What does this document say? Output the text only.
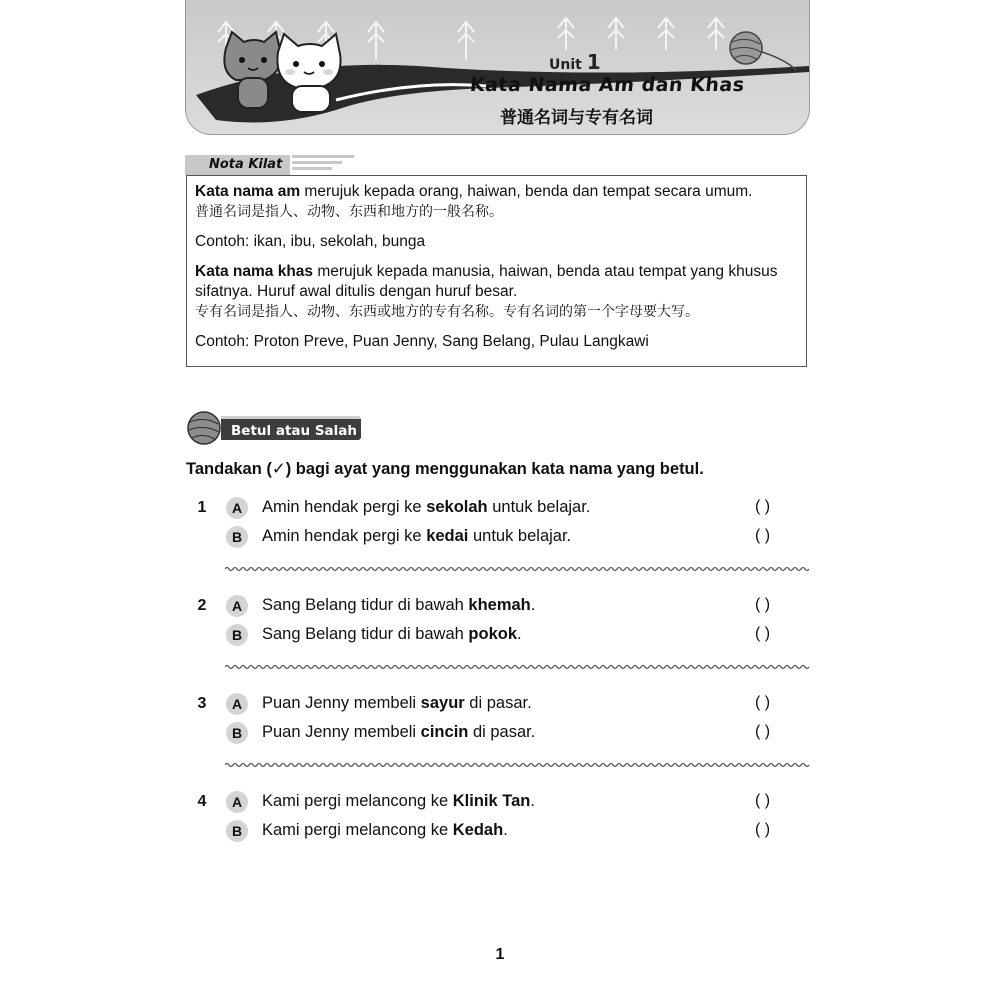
Unit 1
Kata Nama Am dan Khas
普通名词与专有名词
Nota Kilat

Kata nama am merujuk kepada orang, haiwan, benda dan tempat secara umum.

普通名词是指人、动物、东西和地方的一般名称。

Contoh: ikan, ibu, sekolah, bunga

Kata nama khas merujuk kepada manusia, haiwan, benda atau tempat yang khusus sifatnya. Huruf awal ditulis dengan huruf besar.

专有名词是指人、动物、东西或地方的专有名称。专有名词的第一个字母要大写。

Contoh: Proton Preve, Puan Jenny, Sang Belang, Pulau Langkawi

Betul atau Salah
Tandakan (✓) bagi ayat yang menggunakan kata nama yang betul.
1	A	Amin hendak pergi ke sekolah untuk belajar.	( )
B	Amin hendak pergi ke kedai untuk belajar.	( )
2	A	Sang Belang tidur di bawah khemah.	( )
B	Sang Belang tidur di bawah pokok.	( )
3	A	Puan Jenny membeli sayur di pasar.	( )
B	Puan Jenny membeli cincin di pasar.	( )
4	A	Kami pergi melancong ke Klinik Tan.	( )
B	Kami pergi melancong ke Kedah.	( )
1
